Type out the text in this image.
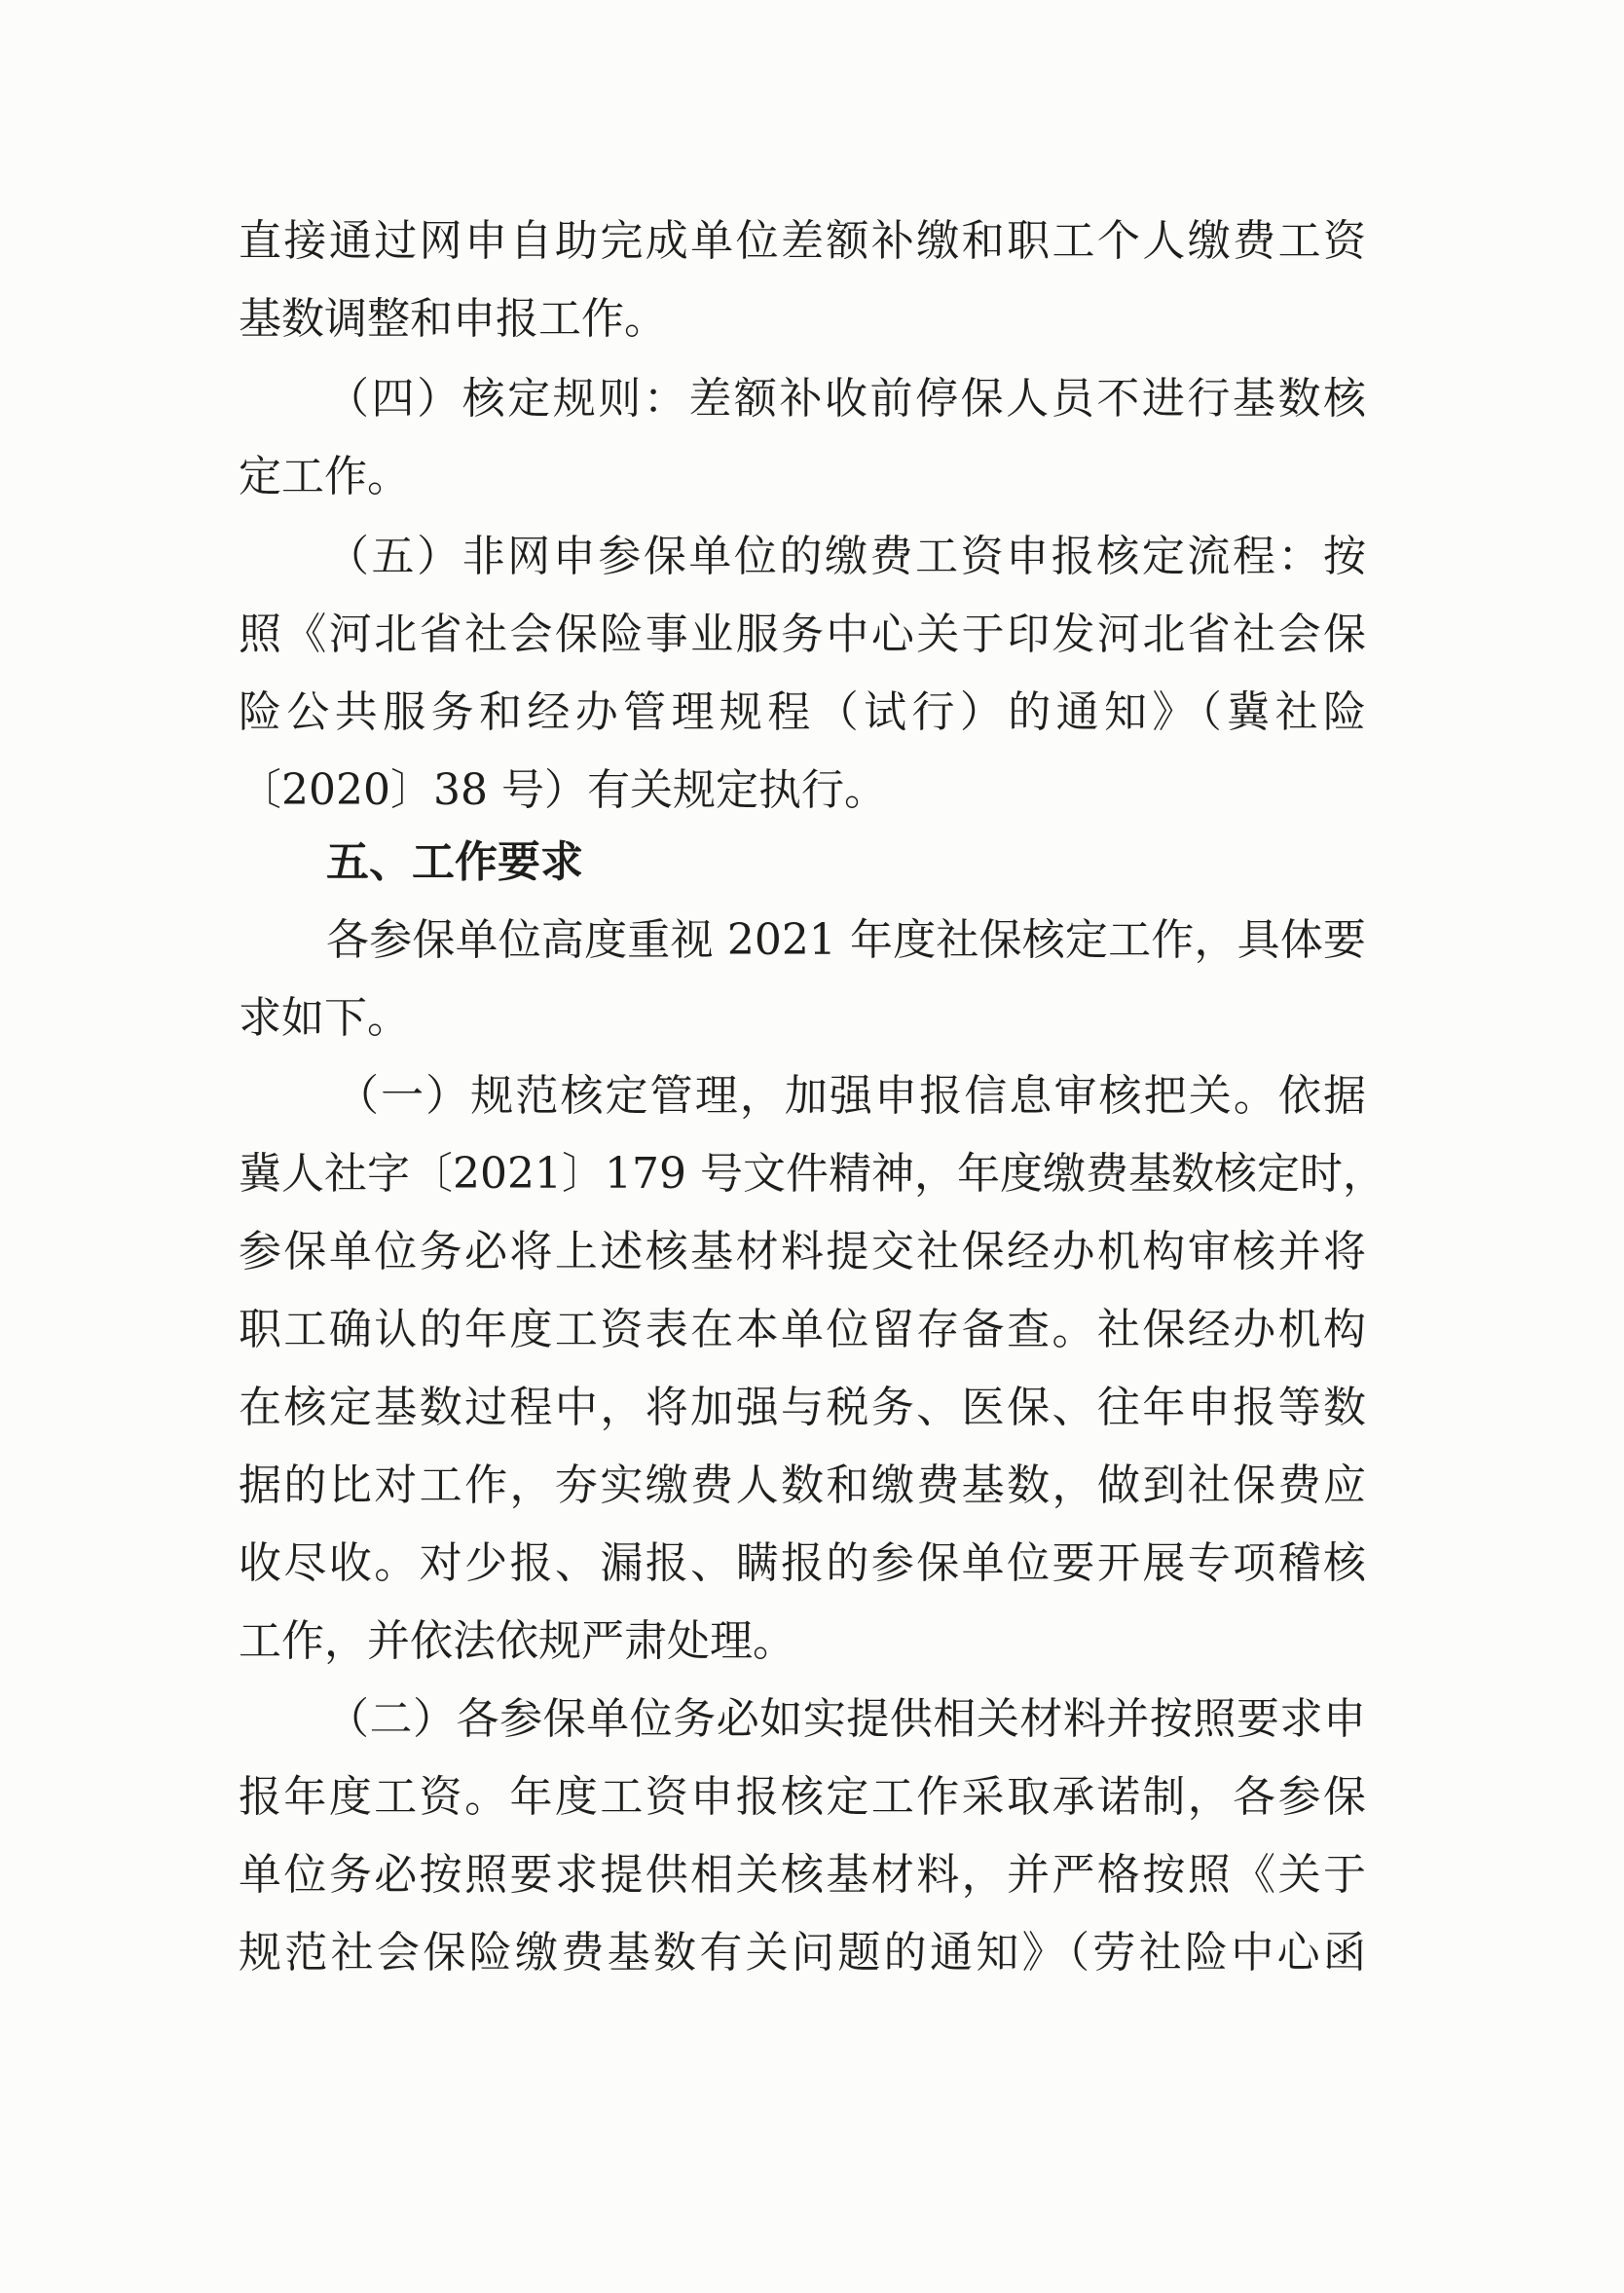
直接通过网申自助完成单位差额补缴和职工个人缴费工资
基数调整和申报工作。
（四）核定规则：差额补收前停保人员不进行基数核
定工作。
（五）非网申参保单位的缴费工资申报核定流程：按
照《河北省社会保险事业服务中心关于印发河北省社会保
险公共服务和经办管理规程（试行）的通知》（冀社险
〔2020〕38 号）有关规定执行。
五、工作要求
各参保单位高度重视 2021 年度社保核定工作，具体要
求如下。
（一）规范核定管理，加强申报信息审核把关。依据
冀人社字〔2021〕179 号文件精神，年度缴费基数核定时，
参保单位务必将上述核基材料提交社保经办机构审核并将
职工确认的年度工资表在本单位留存备查。社保经办机构
在核定基数过程中，将加强与税务、医保、往年申报等数
据的比对工作，夯实缴费人数和缴费基数，做到社保费应
收尽收。对少报、漏报、瞒报的参保单位要开展专项稽核
工作，并依法依规严肃处理。
（二）各参保单位务必如实提供相关材料并按照要求申
报年度工资。年度工资申报核定工作采取承诺制，各参保
单位务必按照要求提供相关核基材料，并严格按照《关于
规范社会保险缴费基数有关问题的通知》（劳社险中心函
